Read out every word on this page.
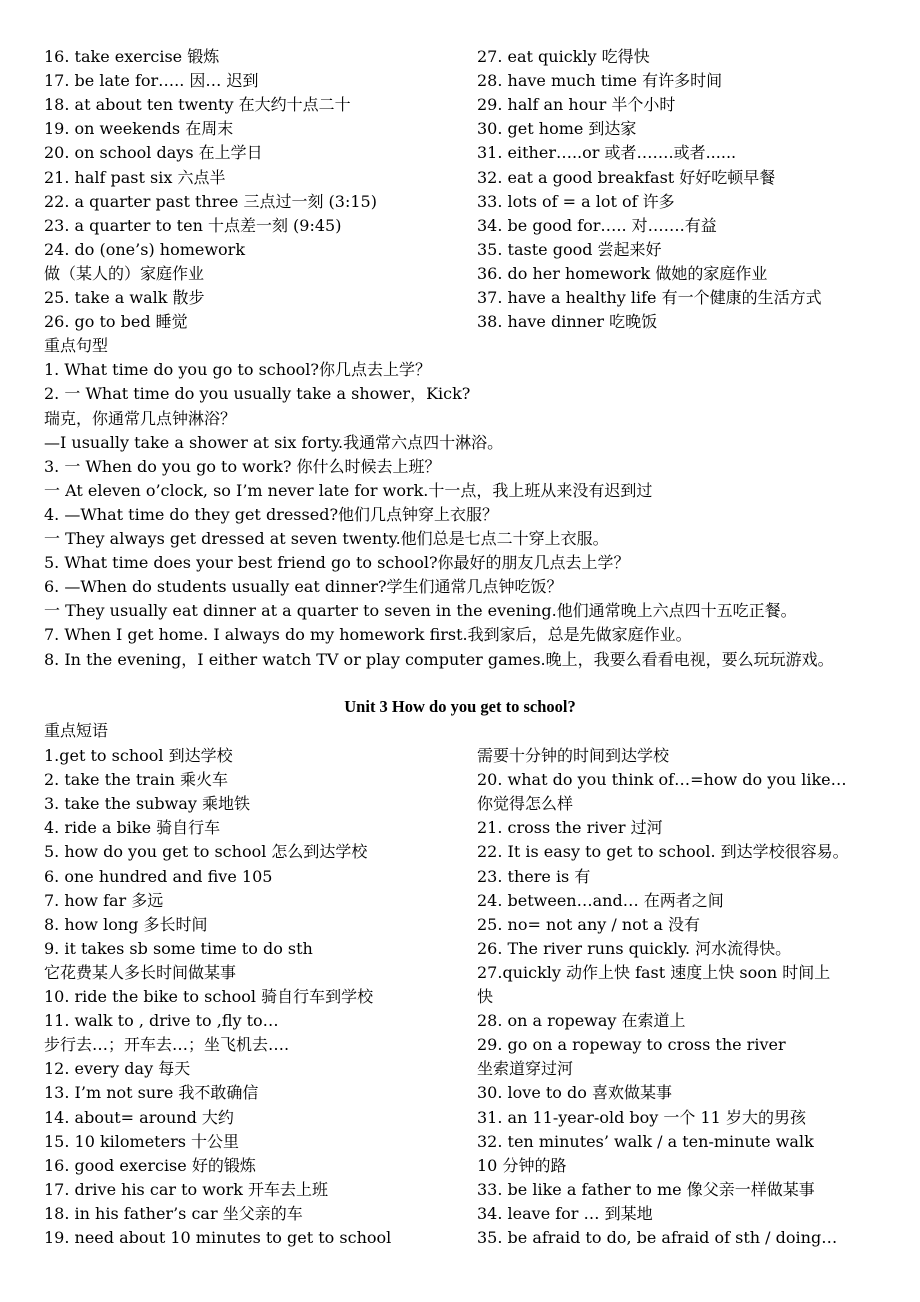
16. take exercise 锻炼
17. be late for….. 因… 迟到
18. at about ten twenty 在大约十点二十
19. on weekends 在周末
20. on school days 在上学日
21. half past six 六点半
22. a quarter past three 三点过一刻 (3:15)
23. a quarter to ten 十点差一刻 (9:45)
24. do (one’s) homework
做（某人的）家庭作业
25. take a walk 散步
26. go to bed 睡觉
27. eat quickly 吃得快
28. have much time 有许多时间
29. half an hour 半个小时
30. get home 到达家
31. either…..or 或者…….或者......
32. eat a good breakfast 好好吃顿早餐
33. lots of = a lot of 许多
34. be good for….. 对…….有益
35. taste good 尝起来好
36. do her homework 做她的家庭作业
37. have a healthy life 有一个健康的生活方式
38. have dinner 吃晚饭
重点句型
1. What time do you go to school?你几点去上学？
2. 一 What time do you usually take a shower，Kick?
瑞克，你通常几点钟淋浴？
—I usually take a shower at six forty.我通常六点四十淋浴。
3. 一 When do you go to work? 你什么时候去上班？
一 At eleven o’clock, so I’m never late for work.十一点，我上班从来没有迟到过
4. —What time do they get dressed?他们几点钟穿上衣服？
一 They always get dressed at seven twenty.他们总是七点二十穿上衣服。
5. What time does your best friend go to school?你最好的朋友几点去上学？
6. —When do students usually eat dinner?学生们通常几点钟吃饭？
一 They usually eat dinner at a quarter to seven in the evening.他们通常晚上六点四十五吃正餐。
7. When I get home. I always do my homework first.我到家后，总是先做家庭作业。
8. In the evening，I either watch TV or play computer games.晚上，我要么看看电视，要么玩玩游戏。
Unit 3 How do you get to school?
重点短语
1.get to school 到达学校
2. take the train 乘火车
3. take the subway 乘地铁
4. ride a bike 骑自行车
5. how do you get to school 怎么到达学校
6. one hundred and five 105
7. how far 多远
8. how long 多长时间
9. it takes sb some time to do sth
它花费某人多长时间做某事
10. ride the bike to school 骑自行车到学校
11. walk to , drive to ,fly to…
步行去…；开车去…；坐飞机去….
12. every day 每天
13. I’m not sure 我不敢确信
14. about= around 大约
15. 10 kilometers 十公里
16. good exercise 好的锻炼
17. drive his car to work 开车去上班
18. in his father’s car 坐父亲的车
19. need about 10 minutes to get to school
需要十分钟的时间到达学校
20. what do you think of…=how do you like…
你觉得怎么样
21. cross the river 过河
22. It is easy to get to school. 到达学校很容易。
23. there is 有
24. between…and… 在两者之间
25. no= not any / not a 没有
26. The river runs quickly. 河水流得快。
27.quickly 动作上快 fast 速度上快 soon 时间上
快
28. on a ropeway 在索道上
29. go on a ropeway to cross the river
坐索道穿过河
30. love to do 喜欢做某事
31. an 11-year-old boy 一个 11 岁大的男孩
32. ten minutes’ walk / a ten-minute walk
10 分钟的路
33. be like a father to me 像父亲一样做某事
34. leave for … 到某地
35. be afraid to do, be afraid of sth / doing…
